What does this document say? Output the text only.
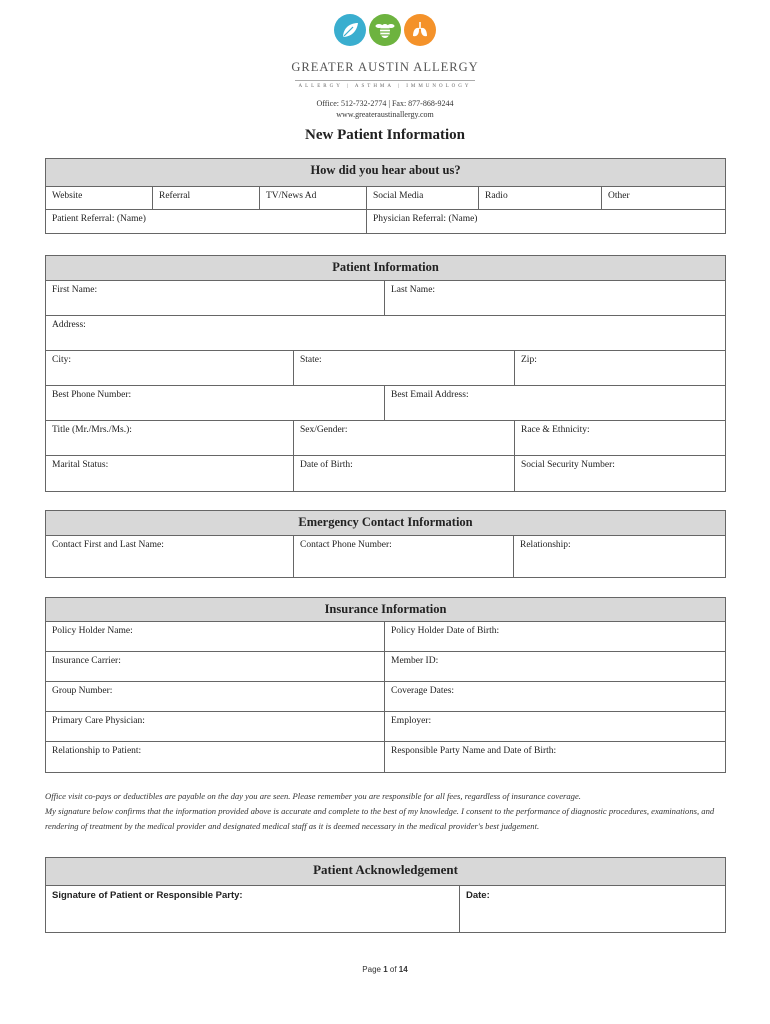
GREATER AUSTIN ALLERGY
ALLERGY | ASTHMA | IMMUNOLOGY
Office: 512-732-2774 | Fax: 877-868-9244
www.greateraustinallergy.com
New Patient Information
How did you hear about us?					
Website	Referral	TV/News Ad	Social Media	Radio	Other
Patient Referral: (Name)			Physician Referral: (Name)		
Patient Information			
First Name:		Last Name:	
Address:			
City:	State:		Zip:
Best Phone Number:		Best Email Address:	
Title (Mr./Mrs./Ms.):	Sex/Gender:		Race & Ethnicity:
Marital Status:	Date of Birth:		Social Security Number:
Emergency Contact Information
Contact First and Last Name:	Contact Phone Number:	Relationship:
Insurance Information	
Policy Holder Name:	Policy Holder Date of Birth:
Insurance Carrier:	Member ID:
Group Number:	Coverage Dates:
Primary Care Physician:	Employer:
Relationship to Patient:	Responsible Party Name and Date of Birth:
Office visit co-pays or deductibles are payable on the day you are seen. Please remember you are responsible for all fees, regardless of insurance coverage.
My signature below confirms that the information provided above is accurate and complete to the best of my knowledge. I consent to the performance of diagnostic procedures, examinations, and rendering of treatment by the medical provider and designated medical staff as it is deemed necessary in the medical provider's best judgement.
Patient Acknowledgement
Signature of Patient or Responsible Party:	Date:
Page 1 of 14
